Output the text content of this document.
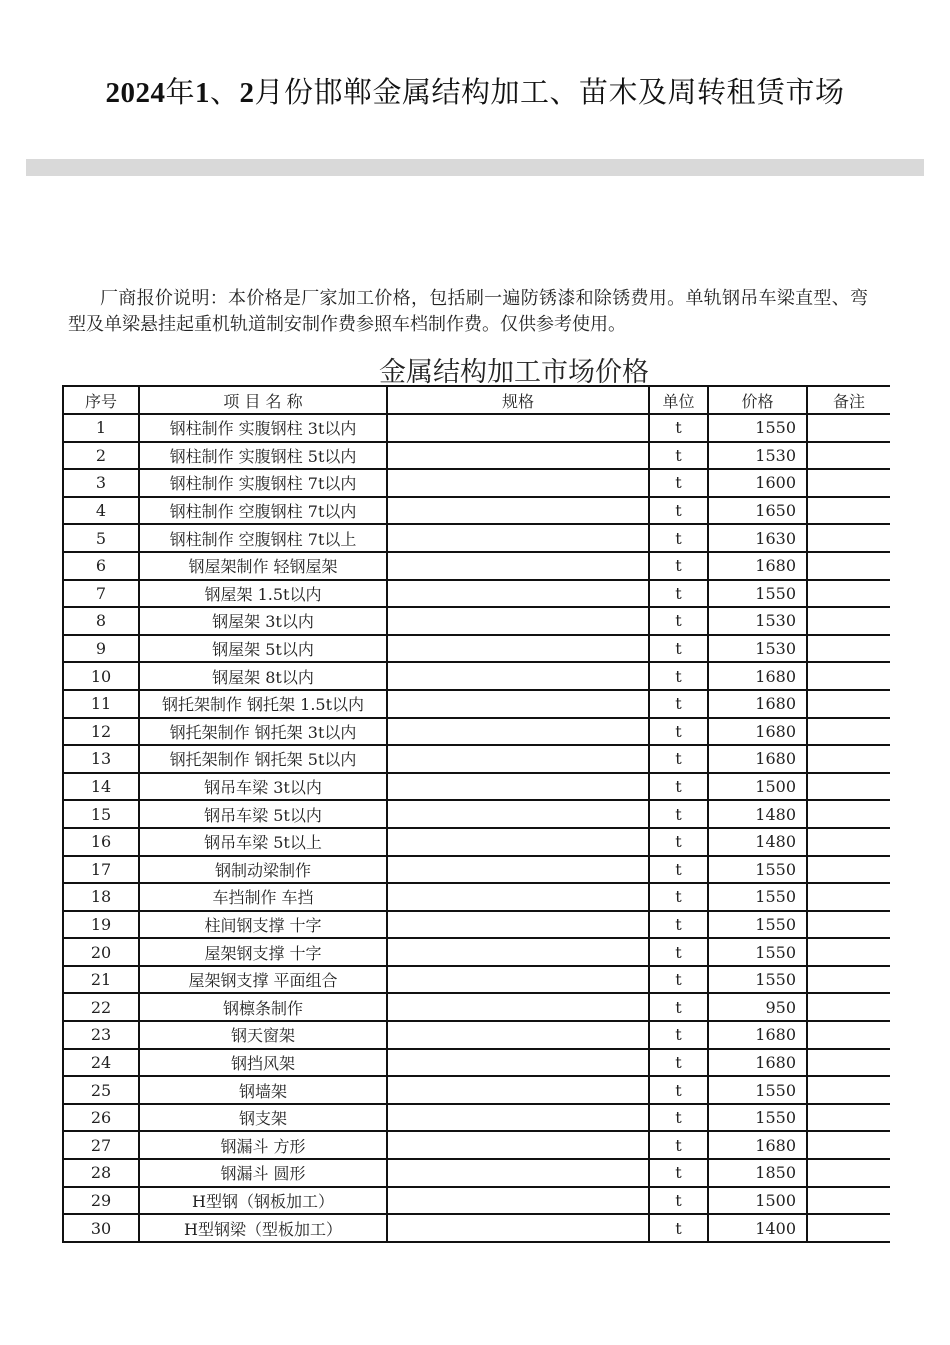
2024年1、2月份邯郸金属结构加工、苗木及周转租赁市场
厂商报价说明：本价格是厂家加工价格，包括刷一遍防锈漆和除锈费用。单轨钢吊车梁直型、弯型及单梁悬挂起重机轨道制安制作费参照车档制作费。仅供参考使用。
金属结构加工市场价格
序号	项 目 名 称	规格	单位	价格	备注
1	钢柱制作 实腹钢柱 3t以内		t	1550	
2	钢柱制作 实腹钢柱 5t以内		t	1530	
3	钢柱制作 实腹钢柱 7t以内		t	1600	
4	钢柱制作 空腹钢柱 7t以内		t	1650	
5	钢柱制作 空腹钢柱 7t以上		t	1630	
6	钢屋架制作 轻钢屋架		t	1680	
7	钢屋架 1.5t以内		t	1550	
8	钢屋架 3t以内		t	1530	
9	钢屋架 5t以内		t	1530	
10	钢屋架 8t以内		t	1680	
11	钢托架制作 钢托架 1.5t以内		t	1680	
12	钢托架制作 钢托架 3t以内		t	1680	
13	钢托架制作 钢托架 5t以内		t	1680	
14	钢吊车梁 3t以内		t	1500	
15	钢吊车梁 5t以内		t	1480	
16	钢吊车梁 5t以上		t	1480	
17	钢制动梁制作		t	1550	
18	车挡制作 车挡		t	1550	
19	柱间钢支撑 十字		t	1550	
20	屋架钢支撑 十字		t	1550	
21	屋架钢支撑 平面组合		t	1550	
22	钢檩条制作		t	950	
23	钢天窗架		t	1680	
24	钢挡风架		t	1680	
25	钢墙架		t	1550	
26	钢支架		t	1550	
27	钢漏斗 方形		t	1680	
28	钢漏斗 圆形		t	1850	
29	H型钢（钢板加工）		t	1500	
30	H型钢梁（型板加工）		t	1400	
